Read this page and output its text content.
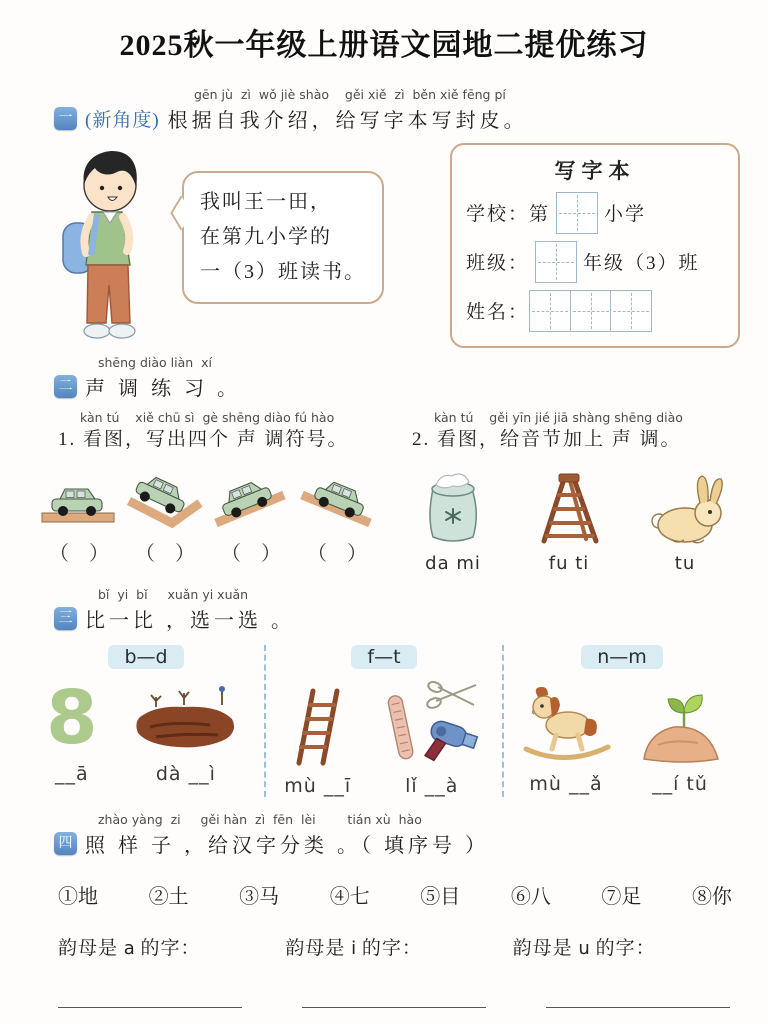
2025秋一年级上册语文园地二提优练习
gēn jù  zì  wǒ jiè shào    gěi xiě  zì  běn xiě fēng pí
一 (新角度) 根据自我介绍，给写字本写封皮。
我叫王一田，
在第九小学的
一（3）班读书。
写字本
学校：第	小学
班级：	年级（3）班
姓名：
shēng diào liàn  xí
二 声 调 练 习 。
kàn tú    xiě chū sì  gè shēng diào fú hào
1. 看图，写出四个 声 调符号。
kàn tú    gěi yīn jié jiā shàng shēng diào
2. 看图，给音节加上 声 调。
（　）	（　）	（　）	（　）	da mi	fu ti	tu
bǐ  yi  bǐ     xuǎn yi xuǎn
三 比一比 ，选一选 。
b—d
8
__ā	dà __ì
f—t
mù __ī	lǐ __à
n—m
mù __ǎ	__í tǔ
zhào yàng  zi     gěi hàn  zì  fēn  lèi        tián xù  hào
四 照 样 子 ，给汉字分类 。（ 填序号 ）
①地	②土	③马	④七	⑤目	⑥八	⑦足	⑧你
韵母是 a 的字：	韵母是 i 的字：	韵母是 u 的字：
